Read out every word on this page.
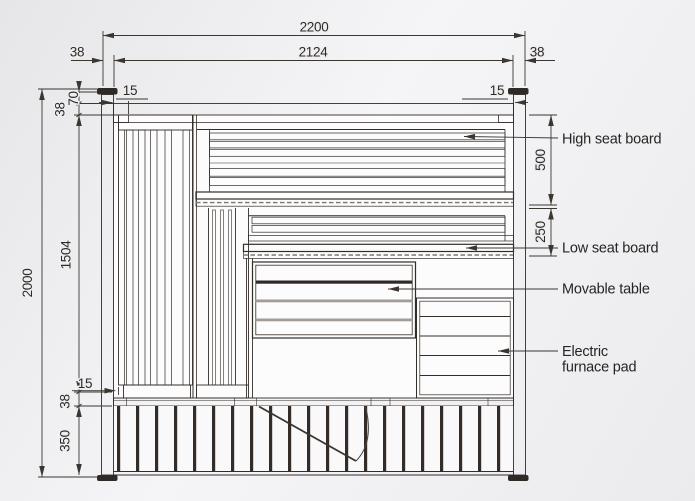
2200
2124
38	38
15	15
2000
70
38
1504
38
350
15
500
250
High seat board
Low seat board
Movable table
Electric
furnace pad
